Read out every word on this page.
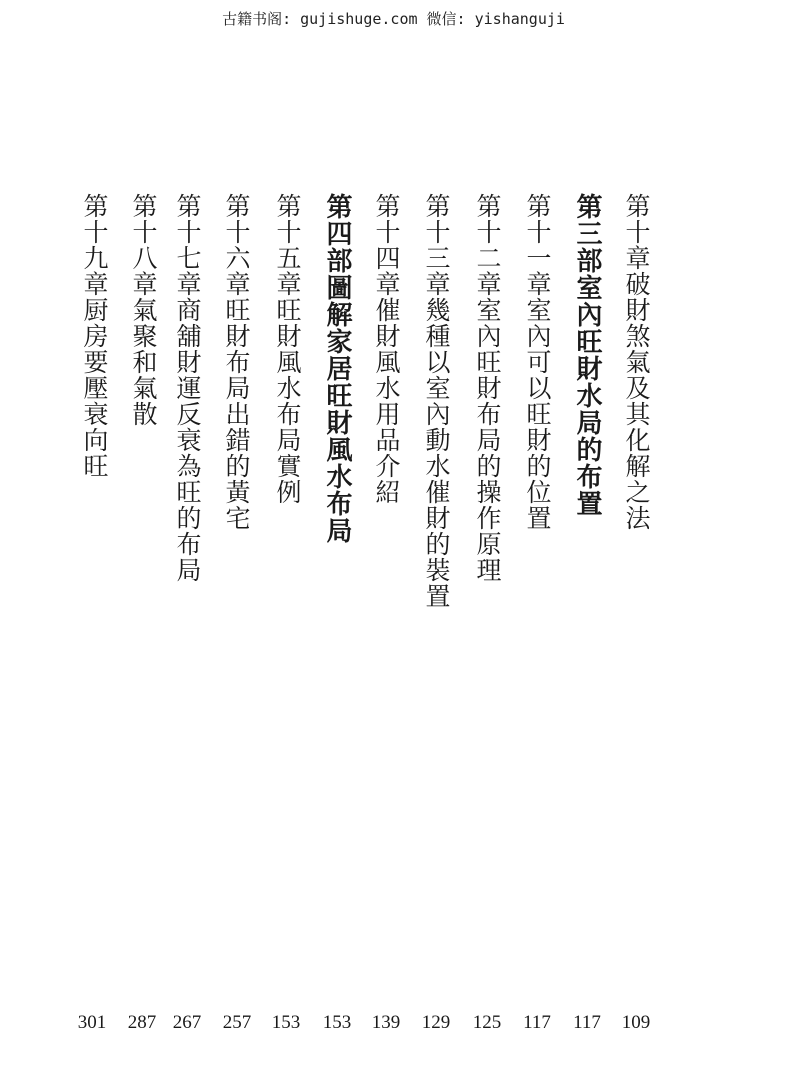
古籍书阁: gujishuge.com 微信: yishanguji
第十章破財煞氣及其化解之法
第三部室內旺財水局的布置
第十一章室內可以旺財的位置
第十二章室內旺財布局的操作原理
第十三章幾種以室內動水催財的裝置
第十四章催財風水用品介紹
第四部圖解家居旺財風水布局
第十五章旺財風水布局實例
第十六章旺財布局出錯的黃宅
第十七章商舖財運反衰為旺的布局
第十八章氣聚和氣散
第十九章厨房要壓衰向旺
109
117
117
125
129
139
153
153
257
267
287
301
